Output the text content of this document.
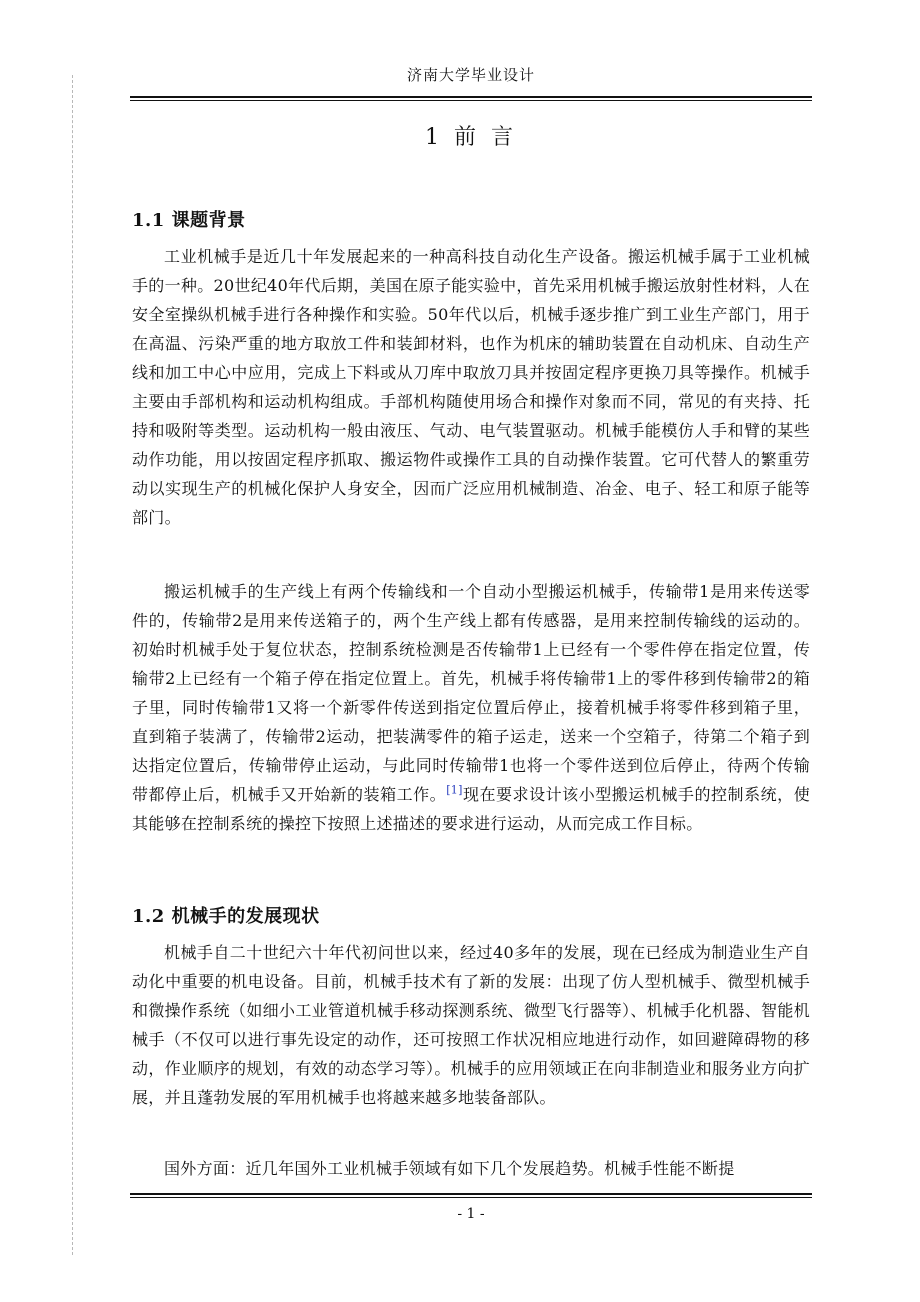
济南大学毕业设计
1 前 言
1.1 课题背景

工业机械手是近几十年发展起来的一种高科技自动化生产设备。搬运机械手属于工业机械手的一种。20世纪40年代后期，美国在原子能实验中，首先采用机械手搬运放射性材料，人在安全室操纵机械手进行各种操作和实验。50年代以后，机械手逐步推广到工业生产部门，用于在高温、污染严重的地方取放工件和装卸材料，也作为机床的辅助装置在自动机床、自动生产线和加工中心中应用，完成上下料或从刀库中取放刀具并按固定程序更换刀具等操作。机械手主要由手部机构和运动机构组成。手部机构随使用场合和操作对象而不同，常见的有夹持、托持和吸附等类型。运动机构一般由液压、气动、电气装置驱动。机械手能模仿人手和臂的某些动作功能，用以按固定程序抓取、搬运物件或操作工具的自动操作装置。它可代替人的繁重劳动以实现生产的机械化保护人身安全，因而广泛应用机械制造、冶金、电子、轻工和原子能等部门。

搬运机械手的生产线上有两个传输线和一个自动小型搬运机械手，传输带1是用来传送零件的，传输带2是用来传送箱子的，两个生产线上都有传感器，是用来控制传输线的运动的。初始时机械手处于复位状态，控制系统检测是否传输带1上已经有一个零件停在指定位置，传输带2上已经有一个箱子停在指定位置上。首先，机械手将传输带1上的零件移到传输带2的箱子里，同时传输带1又将一个新零件传送到指定位置后停止，接着机械手将零件移到箱子里，直到箱子装满了，传输带2运动，把装满零件的箱子运走，送来一个空箱子，待第二个箱子到达指定位置后，传输带停止运动，与此同时传输带1也将一个零件送到位后停止，待两个传输带都停止后，机械手又开始新的装箱工作。[1]现在要求设计该小型搬运机械手的控制系统，使其能够在控制系统的操控下按照上述描述的要求进行运动，从而完成工作目标。

1.2 机械手的发展现状

机械手自二十世纪六十年代初问世以来，经过40多年的发展，现在已经成为制造业生产自动化中重要的机电设备。目前，机械手技术有了新的发展：出现了仿人型机械手、微型机械手和微操作系统（如细小工业管道机械手移动探测系统、微型飞行器等）、机械手化机器、智能机械手（不仅可以进行事先设定的动作，还可按照工作状况相应地进行动作，如回避障碍物的移动，作业顺序的规划，有效的动态学习等）。机械手的应用领域正在向非制造业和服务业方向扩展，并且蓬勃发展的军用机械手也将越来越多地装备部队。

国外方面：近几年国外工业机械手领域有如下几个发展趋势。机械手性能不断提

- 1 -
